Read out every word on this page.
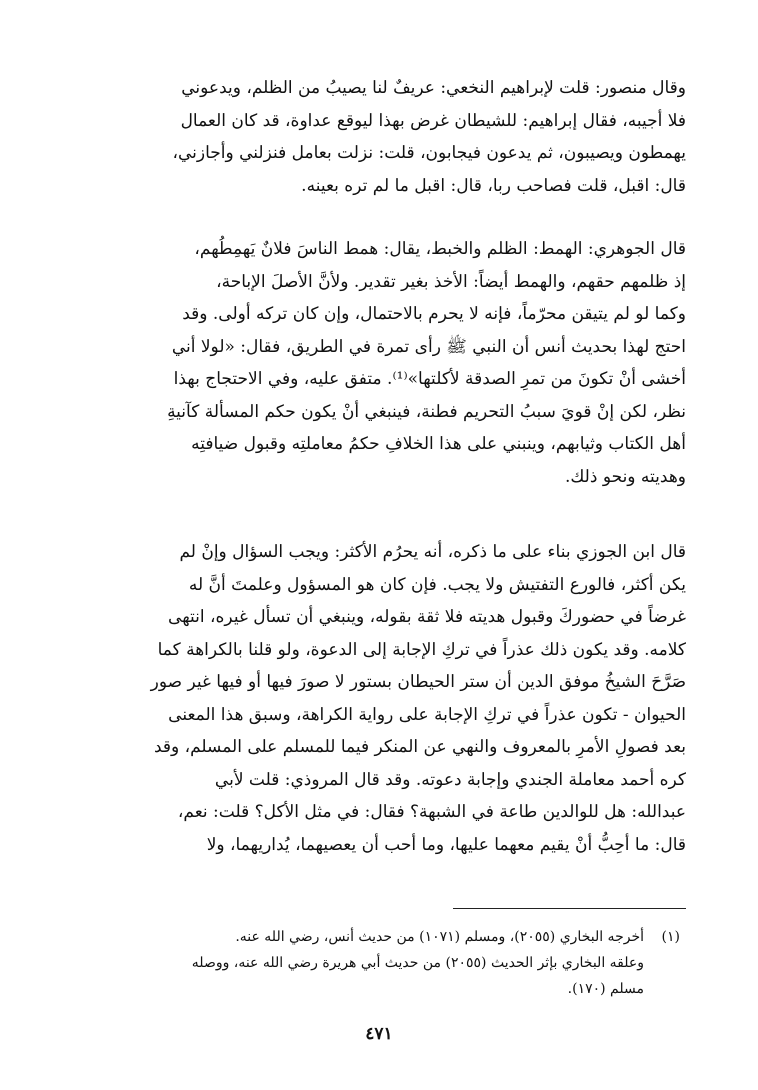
وقال منصور: قلت لإبراهيم النخعي: عريفٌ لنا يصيبُ من الظلم، ويدعوني
فلا أجيبه، فقال إبراهيم: للشيطان غرض بهذا ليوقع عداوة، قد كان العمال
يهمطون ويصيبون، ثم يدعون فيجابون، قلت: نزلت بعامل فنزلني وأجازني،
قال: اقبل، قلت فصاحب ربا، قال: اقبل ما لم تره بعينه.
قال الجوهري: الهمط: الظلم والخبط، يقال: همط الناسَ فلانٌ يَهمِطُهم،
إذ ظلمهم حقهم، والهمط أيضاً: الأخذ بغير تقدير. ولأنَّ الأصلَ الإباحة،
وكما لو لم يتيقن محرّماً، فإنه لا يحرم بالاحتمال، وإن كان تركه أولى. وقد
احتج لهذا بحديث أنس أن النبي ﷺ رأى تمرة في الطريق، فقال: «لولا أني
أخشى أنْ تكونَ من تمرِ الصدقة لأكلتها»⁽¹⁾. متفق عليه، وفي الاحتجاج بهذا
نظر، لكن إنْ قويَ سببُ التحريم فطنة، فينبغي أنْ يكون حكم المسألة كآنيةِ
أهل الكتاب وثيابهم، وينبني على هذا الخلافِ حكمُ معاملتِه وقبول ضيافتِه
وهديته ونحو ذلك.
قال ابن الجوزي بناء على ما ذكره، أنه يحرُم الأكثر: ويجب السؤال وإنْ لم
يكن أكثر، فالورع التفتيش ولا يجب. فإن كان هو المسؤول وعلمتَ أنَّ له
غرضاً في حضوركَ وقبول هديته فلا ثقة بقوله، وينبغي أن تسأل غيره، انتهى
كلامه. وقد يكون ذلك عذراً في تركِ الإجابة إلى الدعوة، ولو قلنا بالكراهة كما
صَرَّحَ الشيخُ موفق الدين أن ستر الحيطان بستور لا صورَ فيها أو فيها غير صور
الحيوان - تكون عذراً في تركِ الإجابة على رواية الكراهة، وسبق هذا المعنى
بعد فصولِ الأمرِ بالمعروف والنهي عن المنكر فيما للمسلم على المسلم، وقد
كره أحمد معاملة الجندي وإجابة دعوته. وقد قال المروذي: قلت لأبي
عبدالله: هل للوالدين طاعة في الشبهة؟ فقال: في مثل الأكل؟ قلت: نعم،
قال: ما أحِبُّ أنْ يقيم معهما عليها، وما أحب أن يعصيهما، يُداريهما، ولا
(١)أخرجه البخاري (٢٠٥٥)، ومسلم (١٠٧١) من حديث أنس، رضي الله عنه.
وعلقه البخاري بإثر الحديث (٢٠٥٥) من حديث أبي هريرة رضي الله عنه، ووصله
مسلم (١٧٠).
٤٧١
